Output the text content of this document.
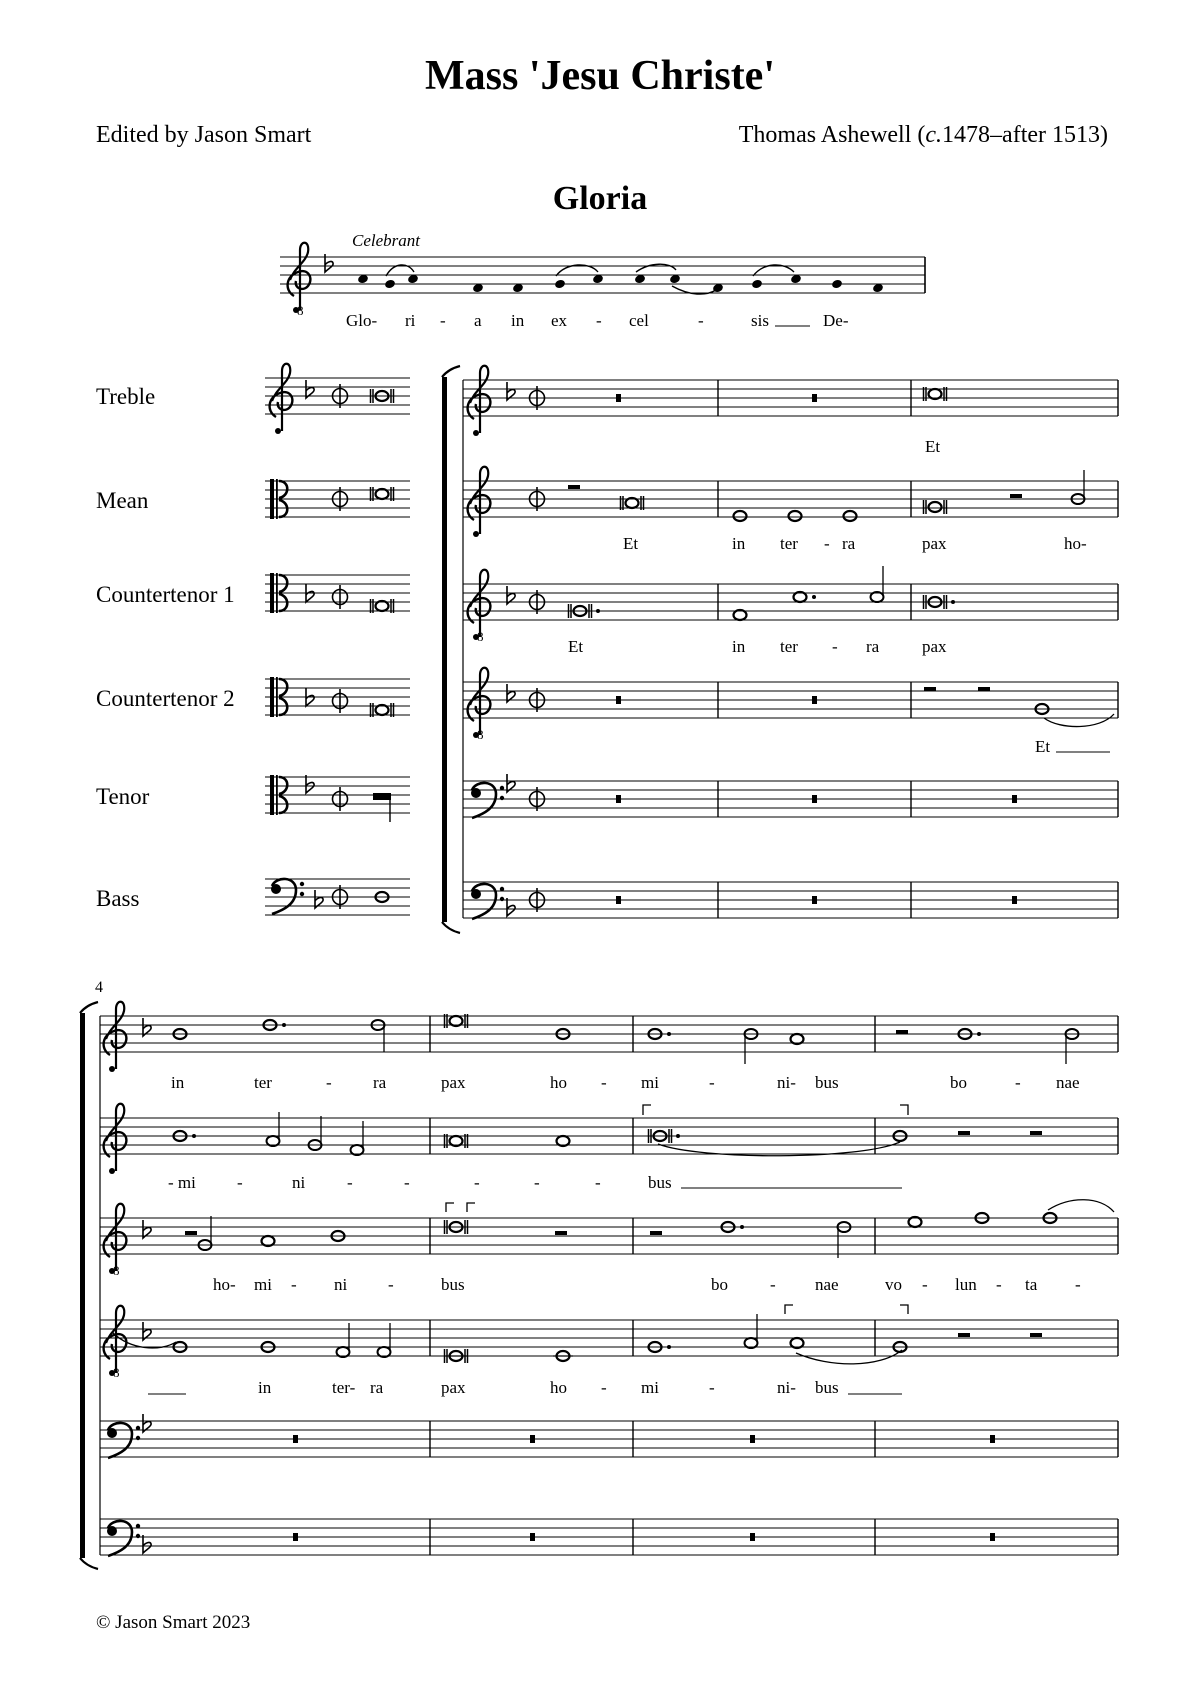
Mass 'Jesu Christe'
Edited by Jason Smart	Thomas Ashewell (c.1478–after 1513)
Gloria
Treble
Mean
Countertenor 1
Countertenor 2
Tenor
Bass
Celebrant
8
Glo- ri - a in ex - cel	-	sis	De-
8
8
Et
Et	in ter - ra	pax	ho-
Et	in ter - ra	pax
Et
4
8
8
in	ter	- ra	pax	ho - mi	-	ni- bus	bo	- nae
- mi -	ni -	-	-	-	-	bus
ho- mi - ni -	bus	bo - nae	vo - lun - ta -
in	ter- ra	pax	ho - mi	-	ni- bus
© Jason Smart 2023
